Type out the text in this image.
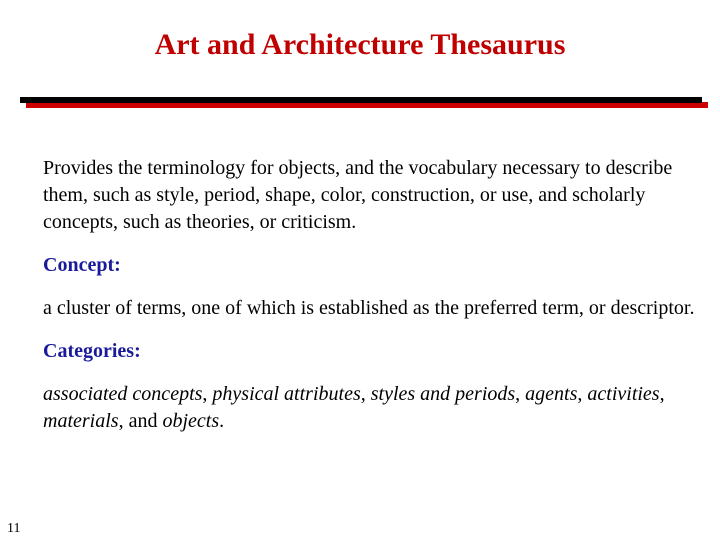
Art and Architecture Thesaurus

Provides the terminology for objects, and the vocabulary necessary to describe them, such as style, period, shape, color, construction, or use, and scholarly concepts, such as theories, or criticism.

Concept:

a cluster of terms, one of which is established as the preferred term, or descriptor.

Categories:

associated concepts, physical attributes, styles and periods, agents, activities, materials, and objects.

11
